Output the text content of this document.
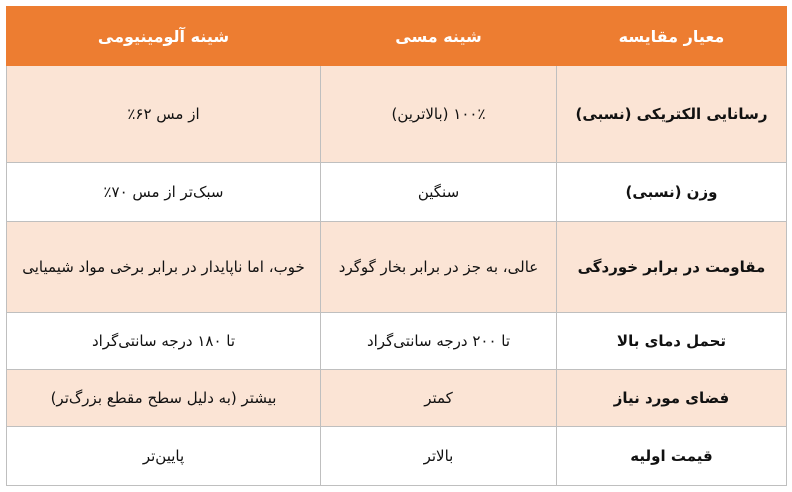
معیار مقایسه	شینه مسی	شینه آلومینیومی
رسانایی الکتریکی (نسبی)	۱۰۰٪ (بالاترین)	از مس ۶۲٪
وزن (نسبی)	سنگین	سبک‌تر از مس ۷۰٪
مقاومت در برابر خوردگی	عالی، به جز در برابر بخار گوگرد	خوب، اما ناپایدار در برابر برخی مواد شیمیایی
تحمل دمای بالا	تا ۲۰۰ درجه سانتی‌گراد	تا ۱۸۰ درجه سانتی‌گراد
فضای مورد نیاز	کمتر	بیشتر (به دلیل سطح مقطع بزرگ‌تر)
قیمت اولیه	بالاتر	پایین‌تر
